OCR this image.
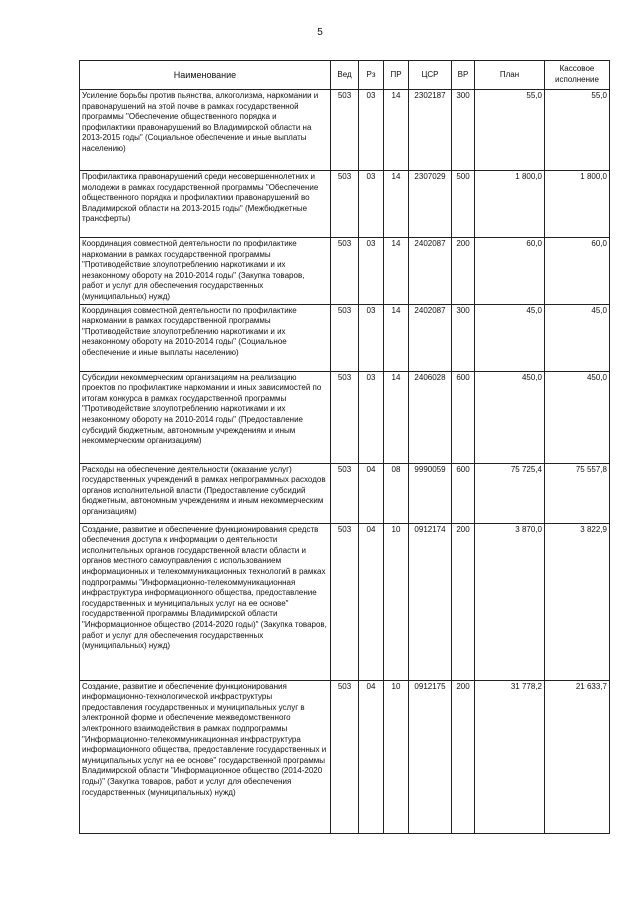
5
Наименование	Вед	Рз	ПР	ЦСР	ВР	План	Кассовое исполнение
Усиление борьбы против пьянства, алкоголизма, наркомании и правонарушений на этой почве в рамках государственной программы "Обеспечение общественного порядка и профилактики правонарушений во Владимирской области на 2013-2015 годы" (Социальное обеспечение и иные выплаты населению)	503	03	14	2302187	300	55,0	55,0
Профилактика правонарушений среди несовершеннолетних и молодежи в рамках государственной программы "Обеспечение общественного порядка и профилактики правонарушений во Владимирской области на 2013-2015 годы" (Межбюджетные трансферты)	503	03	14	2307029	500	1 800,0	1 800,0
Координация совместной деятельности по профилактике наркомании в рамках государственной программы "Противодействие злоупотреблению наркотиками и их незаконному обороту на 2010-2014 годы" (Закупка товаров, работ и услуг для обеспечения государственных (муниципальных) нужд)	503	03	14	2402087	200	60,0	60,0
Координация совместной деятельности по профилактике наркомании в рамках государственной программы "Противодействие злоупотреблению наркотиками и их незаконному обороту на 2010-2014 годы" (Социальное обеспечение и иные выплаты населению)	503	03	14	2402087	300	45,0	45,0
Субсидии некоммерческим организациям на реализацию проектов по профилактике наркомании и иных зависимостей по итогам конкурса в рамках государственной программы "Противодействие злоупотреблению наркотиками и их незаконному обороту на 2010-2014 годы" (Предоставление субсидий бюджетным, автономным учреждениям и иным некоммерческим организациям)	503	03	14	2406028	600	450,0	450,0
Расходы на обеспечение деятельности (оказание услуг) государственных учреждений в рамках непрограммных расходов органов исполнительной власти (Предоставление субсидий бюджетным, автономным учреждениям и иным некоммерческим организациям)	503	04	08	9990059	600	75 725,4	75 557,8
Создание, развитие и обеспечение функционирования средств обеспечения доступа к информации о деятельности исполнительных органов государственной власти области и органов местного самоуправления с использованием информационных и телекоммуникационных технологий в рамках подпрограммы "Информационно-телекоммуникационная инфраструктура информационного общества, предоставление государственных и муниципальных услуг на ее основе" государственной программы Владимирской области "Информационное общество (2014-2020 годы)" (Закупка товаров, работ и услуг для обеспечения государственных (муниципальных) нужд)	503	04	10	0912174	200	3 870,0	3 822,9
Создание, развитие и обеспечение функционирования информационно-технологической инфраструктуры предоставления государственных и муниципальных услуг в электронной форме и обеспечение межведомственного электронного взаимодействия в рамках подпрограммы "Информационно-телекоммуникационная инфраструктура информационного общества, предоставление государственных и муниципальных услуг на ее основе" государственной программы Владимирской области "Информационное общество (2014-2020 годы)" (Закупка товаров, работ и услуг для обеспечения государственных (муниципальных) нужд)	503	04	10	0912175	200	31 778,2	21 633,7
